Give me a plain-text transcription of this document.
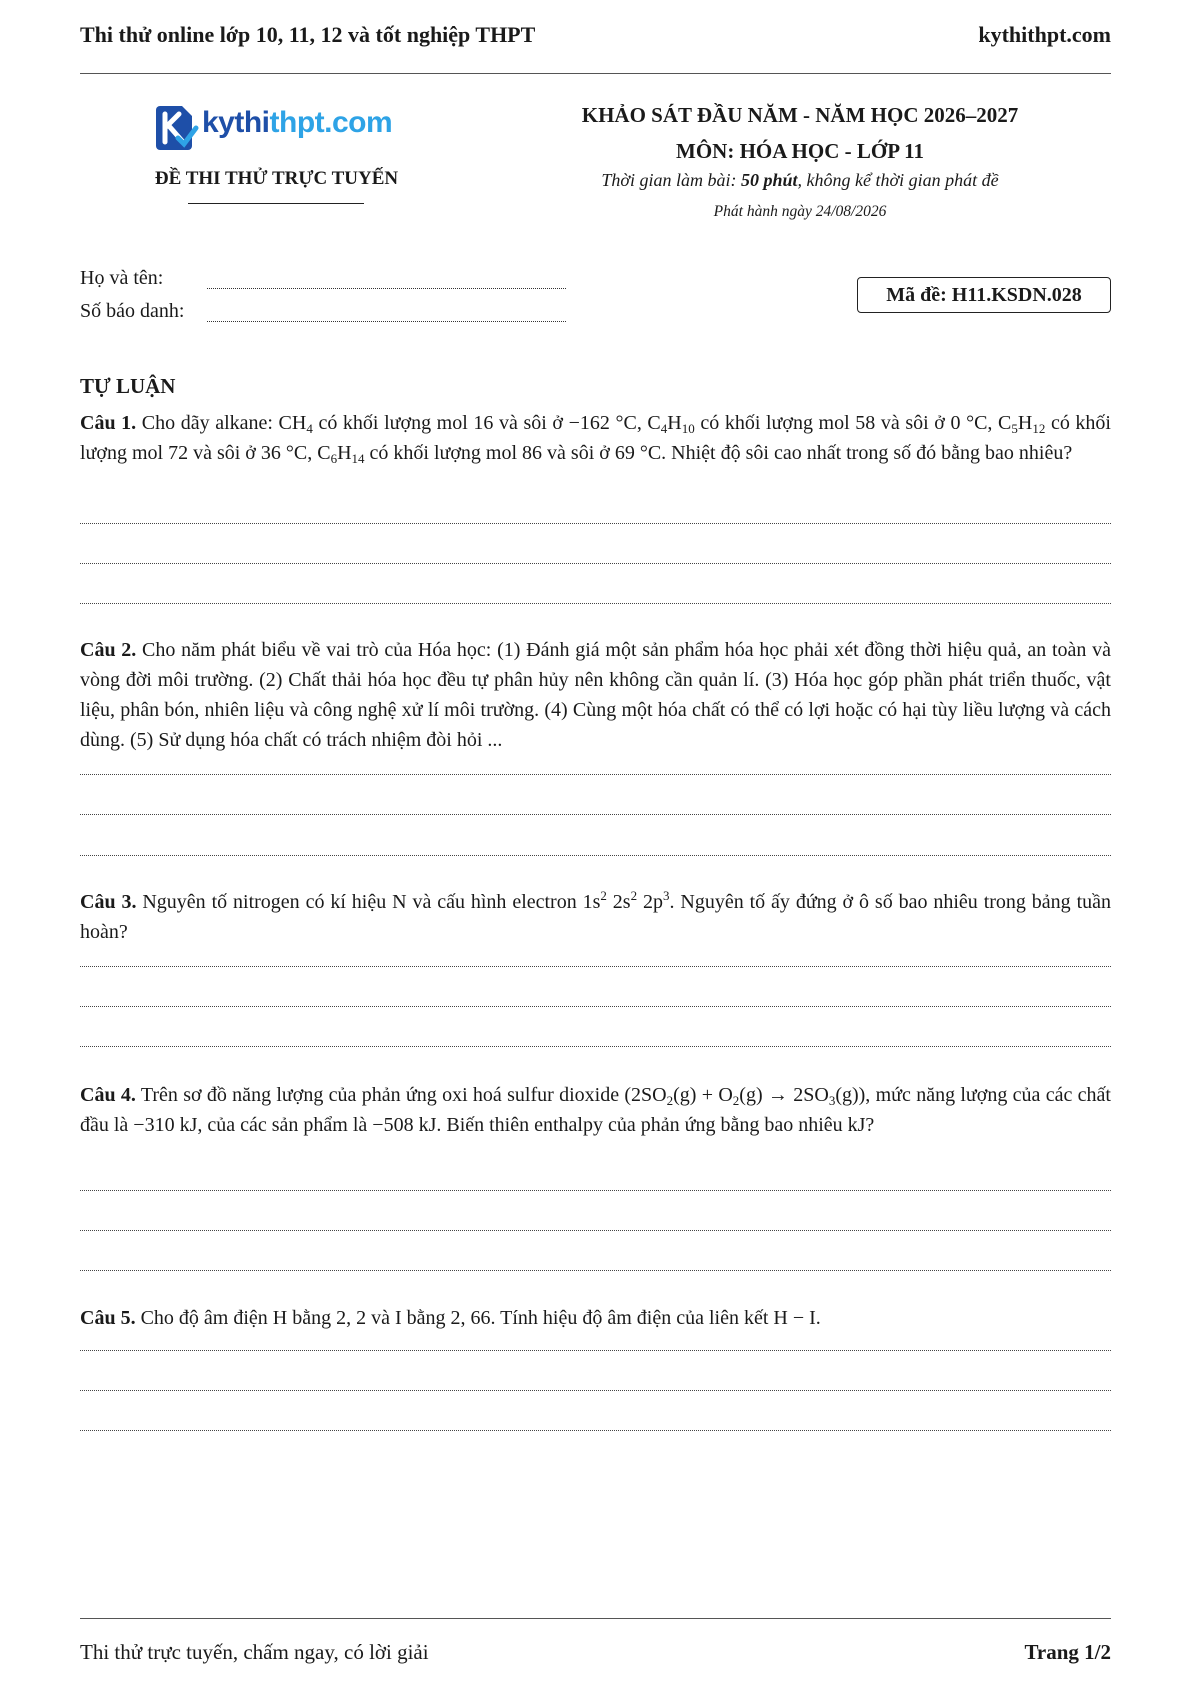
Thi thử online lớp 10, 11, 12 và tốt nghiệp THPT	kythithpt.com
kythithpt.com
ĐỀ THI THỬ TRỰC TUYẾN
KHẢO SÁT ĐẦU NĂM - NĂM HỌC 2026–2027
MÔN: HÓA HỌC - LỚP 11
Thời gian làm bài: 50 phút, không kể thời gian phát đề
Phát hành ngày 24/08/2026
Họ và tên:
Số báo danh:
Mã đề: H11.KSDN.028
TỰ LUẬN
Câu 1. Cho dãy alkane: $CH_4$ có khối lượng mol 16 và sôi ở −162 °C, $C_4H_{10}$ có khối lượng mol 58 và sôi ở 0 °C, $C_5H_{12}$ có khối lượng mol 72 và sôi ở 36 °C, $C_6H_{14}$ có khối lượng mol 86 và sôi ở 69 °C. Nhiệt độ sôi cao nhất trong số đó bằng bao nhiêu?
Câu 2. Cho năm phát biểu về vai trò của Hóa học: (1) Đánh giá một sản phẩm hóa học phải xét đồng thời hiệu quả, an toàn và vòng đời môi trường. (2) Chất thải hóa học đều tự phân hủy nên không cần quản lí. (3) Hóa học góp phần phát triển thuốc, vật liệu, phân bón, nhiên liệu và công nghệ xử lí môi trường. (4) Cùng một hóa chất có thể có lợi hoặc có hại tùy liều lượng và cách dùng. (5) Sử dụng hóa chất có trách nhiệm đòi hỏi ...
Câu 3. Nguyên tố nitrogen có kí hiệu N và cấu hình electron $1s^2$ $2s^2$ $2p^3$. Nguyên tố ấy đứng ở ô số bao nhiêu trong bảng tuần hoàn?
Câu 4. Trên sơ đồ năng lượng của phản ứng oxi hoá sulfur dioxide $(2SO_2(g) + O_2(g) \to 2SO_3(g))$, mức năng lượng của các chất đầu là −310 kJ, của các sản phẩm là −508 kJ. Biến thiên enthalpy của phản ứng bằng bao nhiêu kJ?
Câu 5. Cho độ âm điện H bằng 2, 2 và I bằng 2, 66. Tính hiệu độ âm điện của liên kết H − I.
Thi thử trực tuyến, chấm ngay, có lời giải	Trang 1/2
